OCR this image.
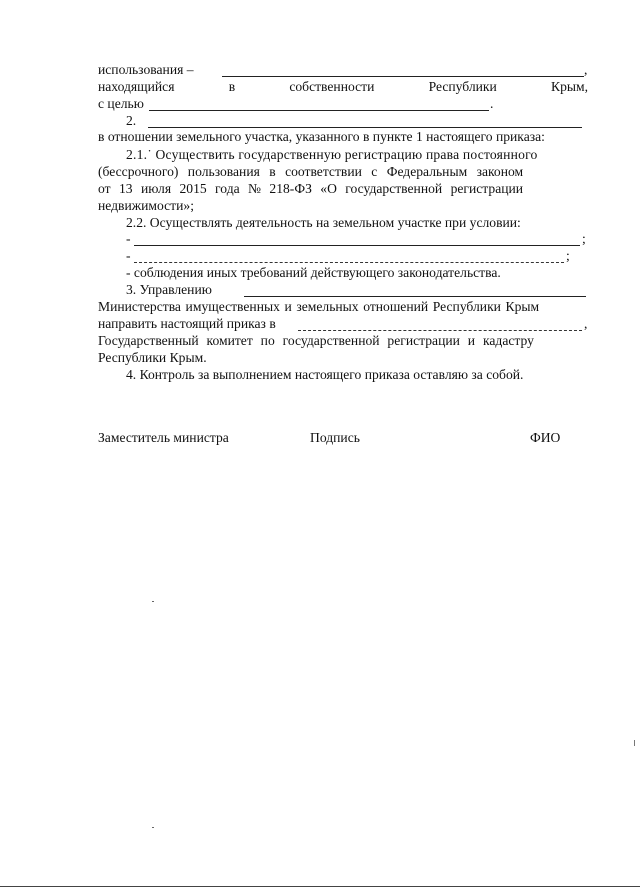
использования –	,
находящийся	в	собственности	Республики	Крым,
с целью	.
2.
в отношении земельного участка, указанного в пункте 1 настоящего приказа:
2.1.˙ Осуществить государственную регистрацию права постоянного
(бессрочного) пользования в соответствии с Федеральным законом
от 13 июля 2015 года № 218-ФЗ «О государственной регистрации
недвижимости»;
2.2. Осуществлять деятельность на земельном участке при условии:
-	;
-	;
- соблюдения иных требований действующего законодательства.
3. Управлению
Министерства имущественных и земельных отношений Республики Крым
направить настоящий приказ в	,
Государственный комитет по государственной регистрации и кадастру
Республики Крым.
4. Контроль за выполнением настоящего приказа оставляю за собой.
Заместитель министра	Подпись	ФИО
